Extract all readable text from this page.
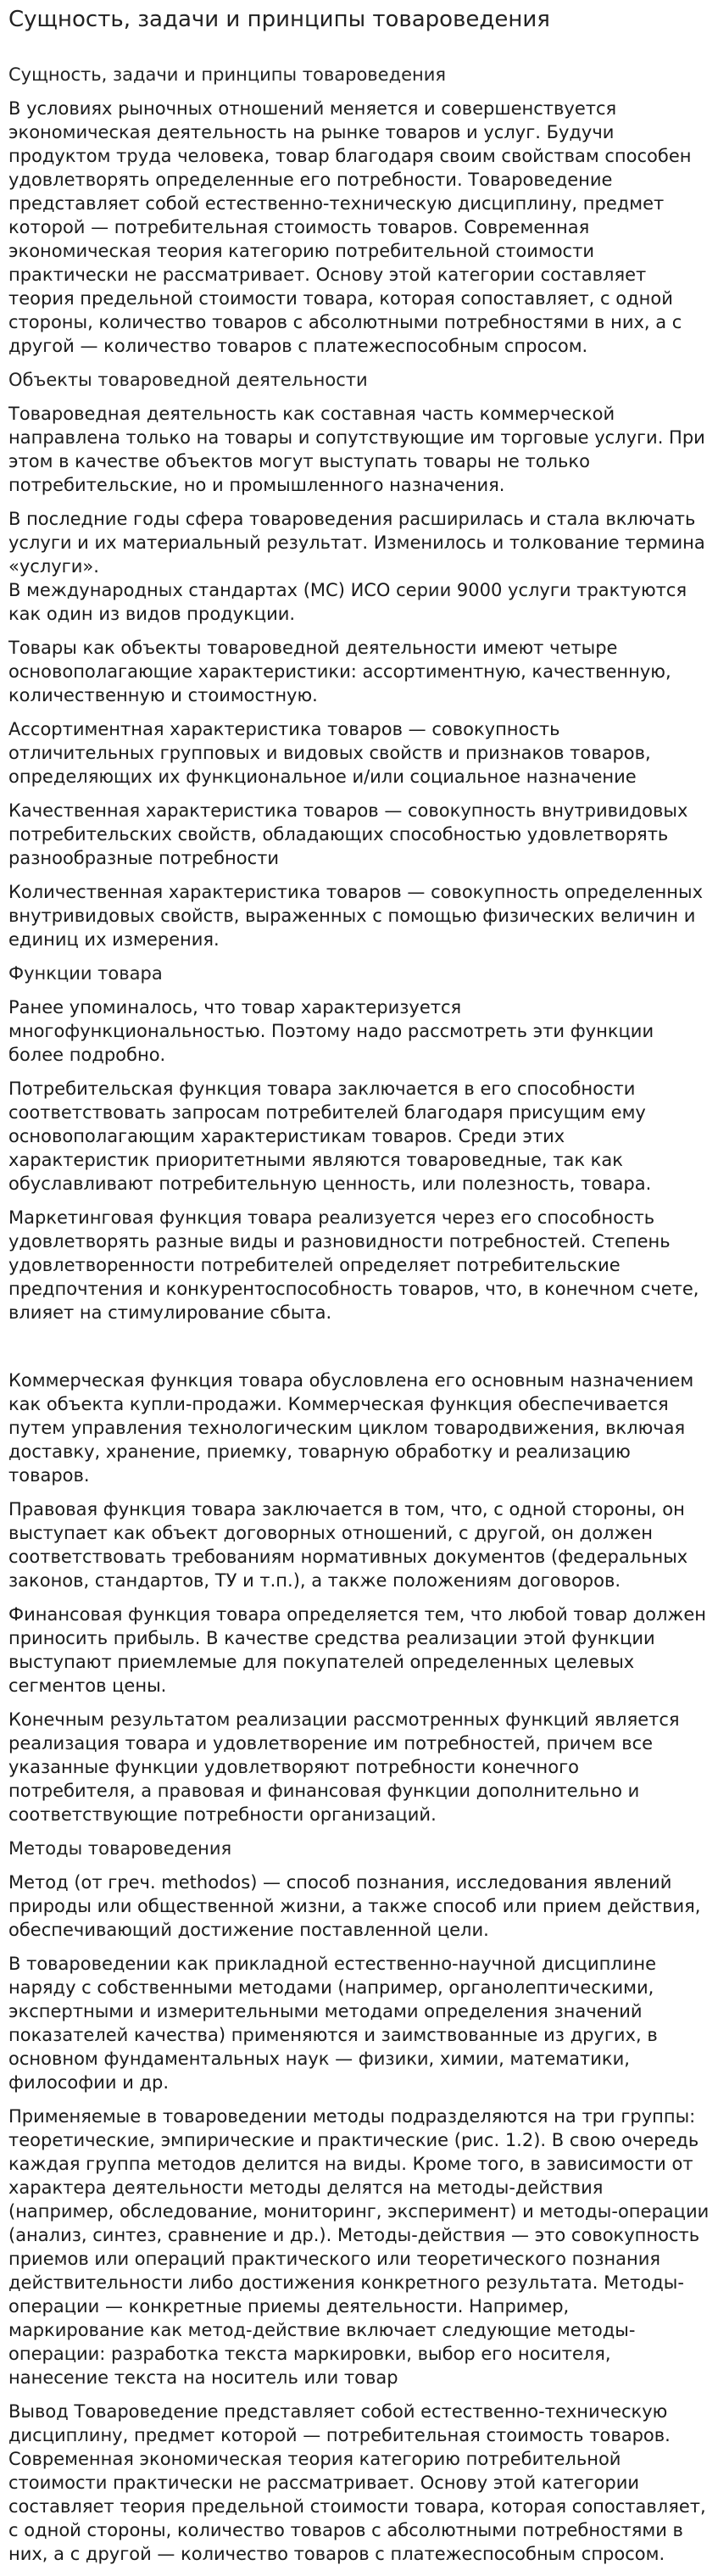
Сущность, задачи и принципы товароведения
Сущность, задачи и принципы товароведения

В условиях рыночных отношений меняется и совершенствуется экономическая деятельность на рынке товаров и услуг. Будучи продуктом труда человека, товар благодаря своим свойствам способен удовлетворять определенные его потребности. Товароведение представляет собой естественно-техническую дисциплину, предмет которой — потребительная стоимость товаров. Современная экономическая теория категорию потребительной стоимости практически не рассматривает. Основу этой категории составляет теория предельной стоимости товара, которая сопоставляет, с одной стороны, количество товаров с абсолютными потребностями в них, а с другой — количество товаров с платежеспособным спросом.

Объекты товароведной деятельности

Товароведная деятельность как составная часть коммерческой направлена только на товары и сопутствующие им торговые услуги. При этом в качестве объектов могут выступать товары не только потребительские, но и промышленного назначения.

В последние годы сфера товароведения расширилась и стала включать услуги и их материальный результат. Изменилось и толкование термина «услуги».
В международных стандартах (МС) ИСО серии 9000 услуги трактуются как один из видов продукции.

Товары как объекты товароведной деятельности имеют четыре основополагающие характеристики: ассортиментную, качественную, количественную и стоимостную.

Ассортиментная характеристика товаров — совокупность отличительных групповых и видовых свойств и признаков товаров, определяющих их функциональное и/или социальное назначение

Качественная характеристика товаров — совокупность внутривидовых потребительских свойств, обладающих способностью удовлетворять разнообразные потребности

Количественная характеристика товаров — совокупность определенных внутривидовых свойств, выраженных с помощью физических величин и единиц их измерения.

Функции товара

Ранее упоминалось, что товар характеризуется многофункциональностью. Поэтому надо рассмотреть эти функции более подробно.

Потребительская функция товара заключается в его способности соответствовать запросам потребителей благодаря присущим ему основополагающим характеристикам товаров. Среди этих характеристик приоритетными являются товароведные, так как обуславливают потребительную ценность, или полезность, товара.

Маркетинговая функция товара реализуется через его способность удовлетворять разные виды и разновидности потребностей. Степень удовлетворенности потребителей определяет потребительские предпочтения и конкурентоспособность товаров, что, в конечном счете, влияет на стимулирование сбыта.

Коммерческая функция товара обусловлена его основным назначением как объекта купли-продажи. Коммерческая функция обеспечивается путем управления технологическим циклом товародвижения, включая доставку, хранение, приемку, товарную обработку и реализацию товаров.

Правовая функция товара заключается в том, что, с одной стороны, он выступает как объект договорных отношений, с другой, он должен соответствовать требованиям нормативных документов (федеральных законов, стандартов, ТУ и т.п.), а также положениям договоров.

Финансовая функция товара определяется тем, что любой товар должен приносить прибыль. В качестве средства реализации этой функции выступают приемлемые для покупателей определенных целевых сегментов цены.

Конечным результатом реализации рассмотренных функций является реализация товара и удовлетворение им потребностей, причем все указанные функции удовлетворяют потребности конечного потребителя, а правовая и финансовая функции дополнительно и соответствующие потребности организаций.

Методы товароведения

Метод (от греч. methodos) — способ познания, исследования явлений природы или общественной жизни, а также способ или прием действия, обеспечивающий достижение поставленной цели.

В товароведении как прикладной естественно-научной дисциплине наряду с собственными методами (например, органолептическими, экспертными и измерительными методами определения значений показателей качества) применяются и заимствованные из других, в основном фундаментальных наук — физики, химии, математики, философии и др.

Применяемые в товароведении методы подразделяются на три группы: теоретические, эмпирические и практические (рис. 1.2). В свою очередь каждая группа методов делится на виды. Кроме того, в зависимости от характера деятельности методы делятся на методы-действия (например, обследование, мониторинг, эксперимент) и методы-операции (анализ, синтез, сравнение и др.). Методы-действия — это совокупность приемов или операций практического или теоретического познания действительности либо достижения конкретного результата. Методы-операции — конкретные приемы деятельности. Например, маркирование как метод-действие включает следующие методы-операции: разработка текста маркировки, выбор его носителя, нанесение текста на носитель или товар

Вывод Товароведение представляет собой естественно-техническую дисциплину, предмет которой — потребительная стоимость товаров. Современная экономическая теория категорию потребительной стоимости практически не рассматривает. Основу этой категории составляет теория предельной стоимости товара, которая сопоставляет, с одной стороны, количество товаров с абсолютными потребностями в них, а с другой — количество товаров с платежеспособным спросом.
